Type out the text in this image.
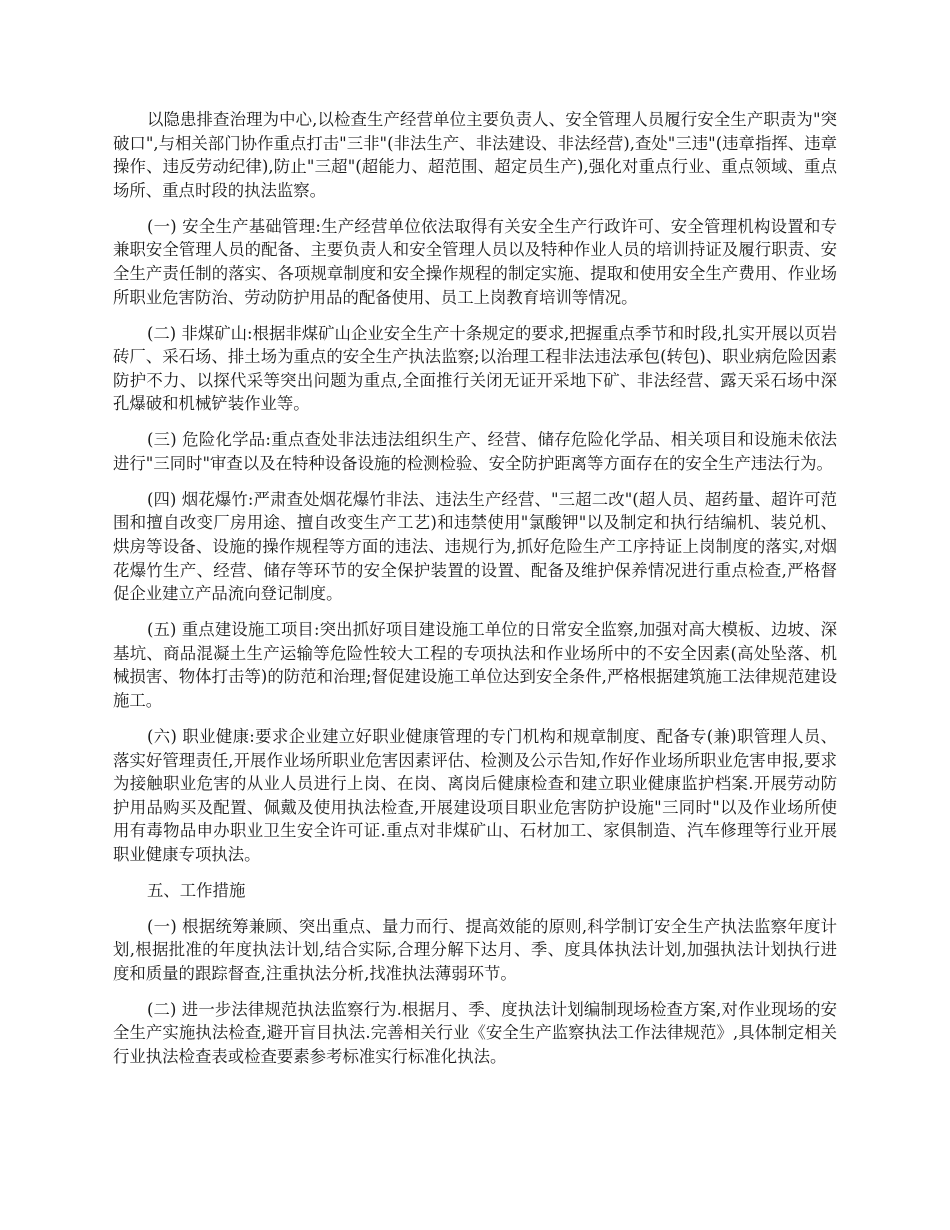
以隐患排查治理为中心,以检查生产经营单位主要负责人、安全管理人员履行安全生产职责为"突破口",与相关部门协作重点打击"三非"(非法生产、非法建设、非法经营),查处"三违"(违章指挥、违章操作、违反劳动纪律),防止"三超"(超能力、超范围、超定员生产),强化对重点行业、重点领域、重点场所、重点时段的执法监察。

(一) 安全生产基础管理:生产经营单位依法取得有关安全生产行政许可、安全管理机构设置和专兼职安全管理人员的配备、主要负责人和安全管理人员以及特种作业人员的培训持证及履行职责、安全生产责任制的落实、各项规章制度和安全操作规程的制定实施、提取和使用安全生产费用、作业场所职业危害防治、劳动防护用品的配备使用、员工上岗教育培训等情况。

(二) 非煤矿山:根据非煤矿山企业安全生产十条规定的要求,把握重点季节和时段,扎实开展以页岩砖厂、采石场、排土场为重点的安全生产执法监察;以治理工程非法违法承包(转包)、职业病危险因素防护不力、以探代采等突出问题为重点,全面推行关闭无证开采地下矿、非法经营、露天采石场中深孔爆破和机械铲装作业等。

(三) 危险化学品:重点查处非法违法组织生产、经营、储存危险化学品、相关项目和设施未依法进行"三同时"审查以及在特种设备设施的检测检验、安全防护距离等方面存在的安全生产违法行为。

(四) 烟花爆竹:严肃查处烟花爆竹非法、违法生产经营、"三超二改"(超人员、超药量、超许可范围和擅自改变厂房用途、擅自改变生产工艺)和违禁使用"氯酸钾"以及制定和执行结编机、装兑机、烘房等设备、设施的操作规程等方面的违法、违规行为,抓好危险生产工序持证上岗制度的落实,对烟花爆竹生产、经营、储存等环节的安全保护装置的设置、配备及维护保养情况进行重点检查,严格督促企业建立产品流向登记制度。

(五) 重点建设施工项目:突出抓好项目建设施工单位的日常安全监察,加强对高大模板、边坡、深基坑、商品混凝土生产运输等危险性较大工程的专项执法和作业场所中的不安全因素(高处坠落、机械损害、物体打击等)的防范和治理;督促建设施工单位达到安全条件,严格根据建筑施工法律规范建设施工。

(六) 职业健康:要求企业建立好职业健康管理的专门机构和规章制度、配备专(兼)职管理人员、落实好管理责任,开展作业场所职业危害因素评估、检测及公示告知,作好作业场所职业危害申报,要求为接触职业危害的从业人员进行上岗、在岗、离岗后健康检查和建立职业健康监护档案.开展劳动防护用品购买及配置、佩戴及使用执法检查,开展建设项目职业危害防护设施"三同时"以及作业场所使用有毒物品申办职业卫生安全许可证.重点对非煤矿山、石材加工、家俱制造、汽车修理等行业开展职业健康专项执法。

五、工作措施

(一) 根据统筹兼顾、突出重点、量力而行、提高效能的原则,科学制订安全生产执法监察年度计划,根据批准的年度执法计划,结合实际,合理分解下达月、季、度具体执法计划,加强执法计划执行进度和质量的跟踪督查,注重执法分析,找准执法薄弱环节。

(二) 进一步法律规范执法监察行为.根据月、季、度执法计划编制现场检查方案,对作业现场的安全生产实施执法检查,避开盲目执法.完善相关行业《安全生产监察执法工作法律规范》,具体制定相关行业执法检查表或检查要素参考标准实行标准化执法。
